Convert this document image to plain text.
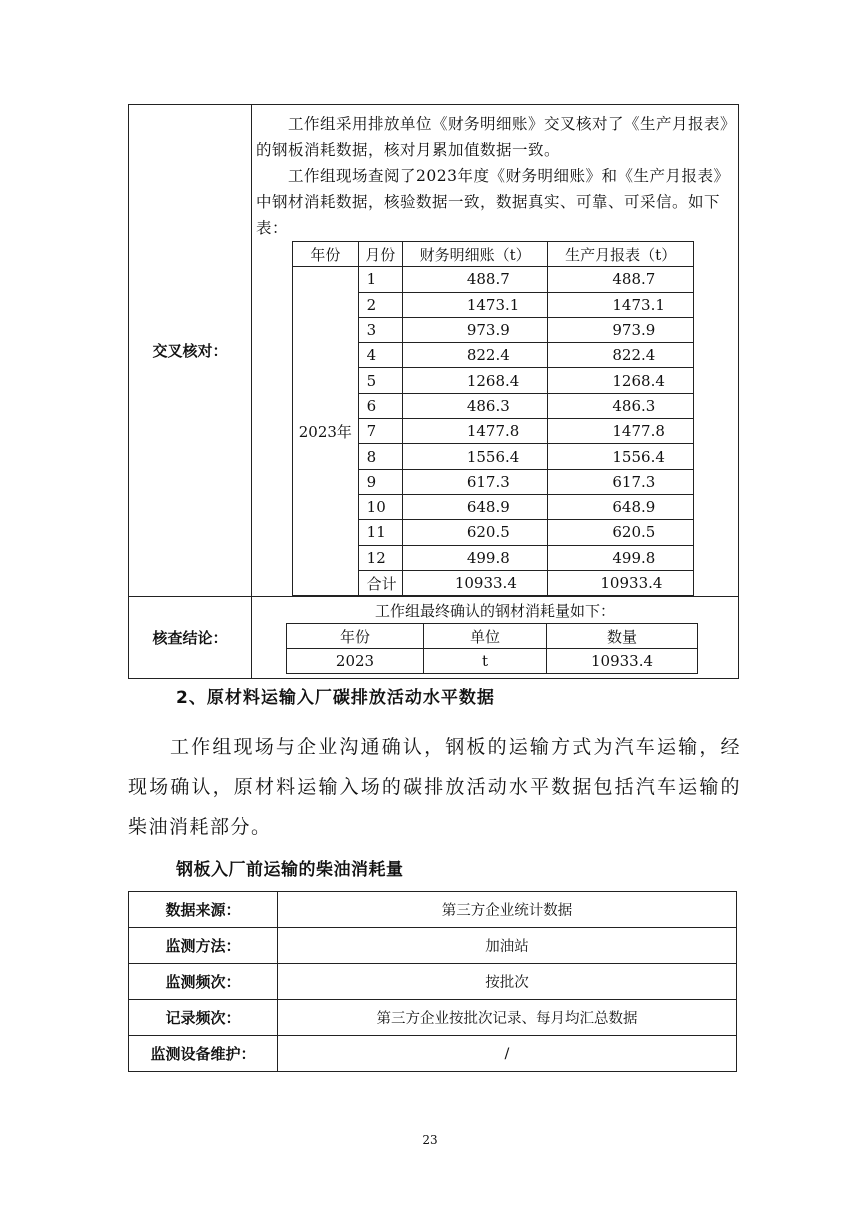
交叉核对：	

工作组采用排放单位《财务明细账》交叉核对了《生产月报表》的钢板消耗数据，核对月累加值数据一致。

工作组现场查阅了2023年度《财务明细账》和《生产月报表》中钢材消耗数据，核验数据一致，数据真实、可靠、可采信。如下表：

年份	月份	财务明细账（t）	生产月报表（t）
2023年	1	488.7	488.7
2	1473.1	1473.1
3	973.9	973.9
4	822.4	822.4
5	1268.4	1268.4
6	486.3	486.3
7	1477.8	1477.8
8	1556.4	1556.4
9	617.3	617.3
10	648.9	648.9
11	620.5	620.5
12	499.8	499.8
合计	10933.4	10933.4

核查结论：	
工作组最终确认的钢材消耗量如下：
年份	单位	数量
2023	t	10933.4
2、原材料运输入厂碳排放活动水平数据

工作组现场与企业沟通确认，钢板的运输方式为汽车运输，经现场确认，原材料运输入场的碳排放活动水平数据包括汽车运输的柴油消耗部分。

钢板入厂前运输的柴油消耗量
数据来源：	第三方企业统计数据
监测方法：	加油站
监测频次：	按批次
记录频次：	第三方企业按批次记录、每月均汇总数据
监测设备维护：	/
23
